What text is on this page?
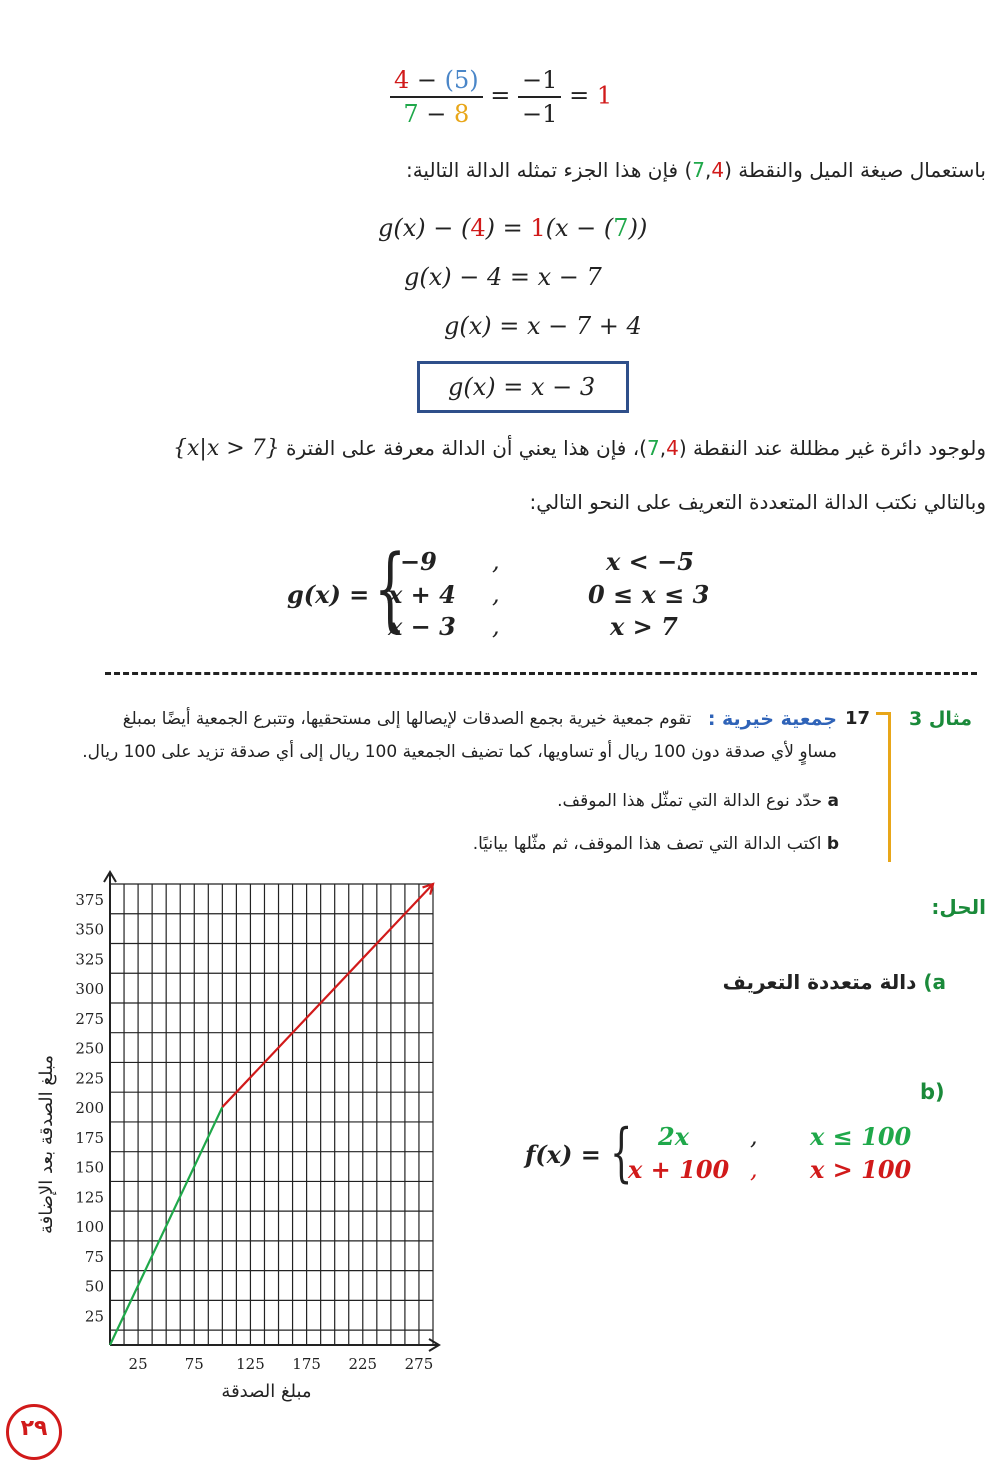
$\frac{4 - (5)}{7 - 8} = \frac{-1}{-1} = 1$
باستعمال صيغة الميل والنقطة (7,4) فإن هذا الجزء تمثله الدالة التالية:
g(x) − (4) = 1(x − (7))
g(x) − 4 = x − 7
g(x) = x − 7 + 4
g(x) = x − 3
ولوجود دائرة غير مظللة عند النقطة (7,4)، فإن هذا يعني أن الدالة معرفة على الفترة {x|x > 7}
وبالتالي نكتب الدالة المتعددة التعريف على النحو التالي:
g(x) = {
−9 ,	x < −5
x + 4 ,	0 ≤ x ≤ 3
x − 3 ,	x > 7
مثال 3
17
جمعية خيرية :
تقوم جمعية خيرية بجمع الصدقات لإيصالها إلى مستحقيها، وتتبرع الجمعية أيضًا بمبلغ
مساوٍ لأي صدقة دون 100 ريال أو تساويها، كما تضيف الجمعية 100 ريال إلى أي صدقة تزيد على 100 ريال.
a حدّد نوع الدالة التي تمثّل هذا الموقف.
b اكتب الدالة التي تصف هذا الموقف، ثم مثّلها بيانيًا.
الحل:
a) دالة متعددة التعريف
b)
f(x) = { 2x	, x ≤ 100
x + 100 , x > 100
25
50
75
100
125
150
175
200
225
250
275
300
325
350
375
25 75 125 175 225 275
مبلغ الصدقة
مبلغ الصدقة بعد الإضافة
٢٩
